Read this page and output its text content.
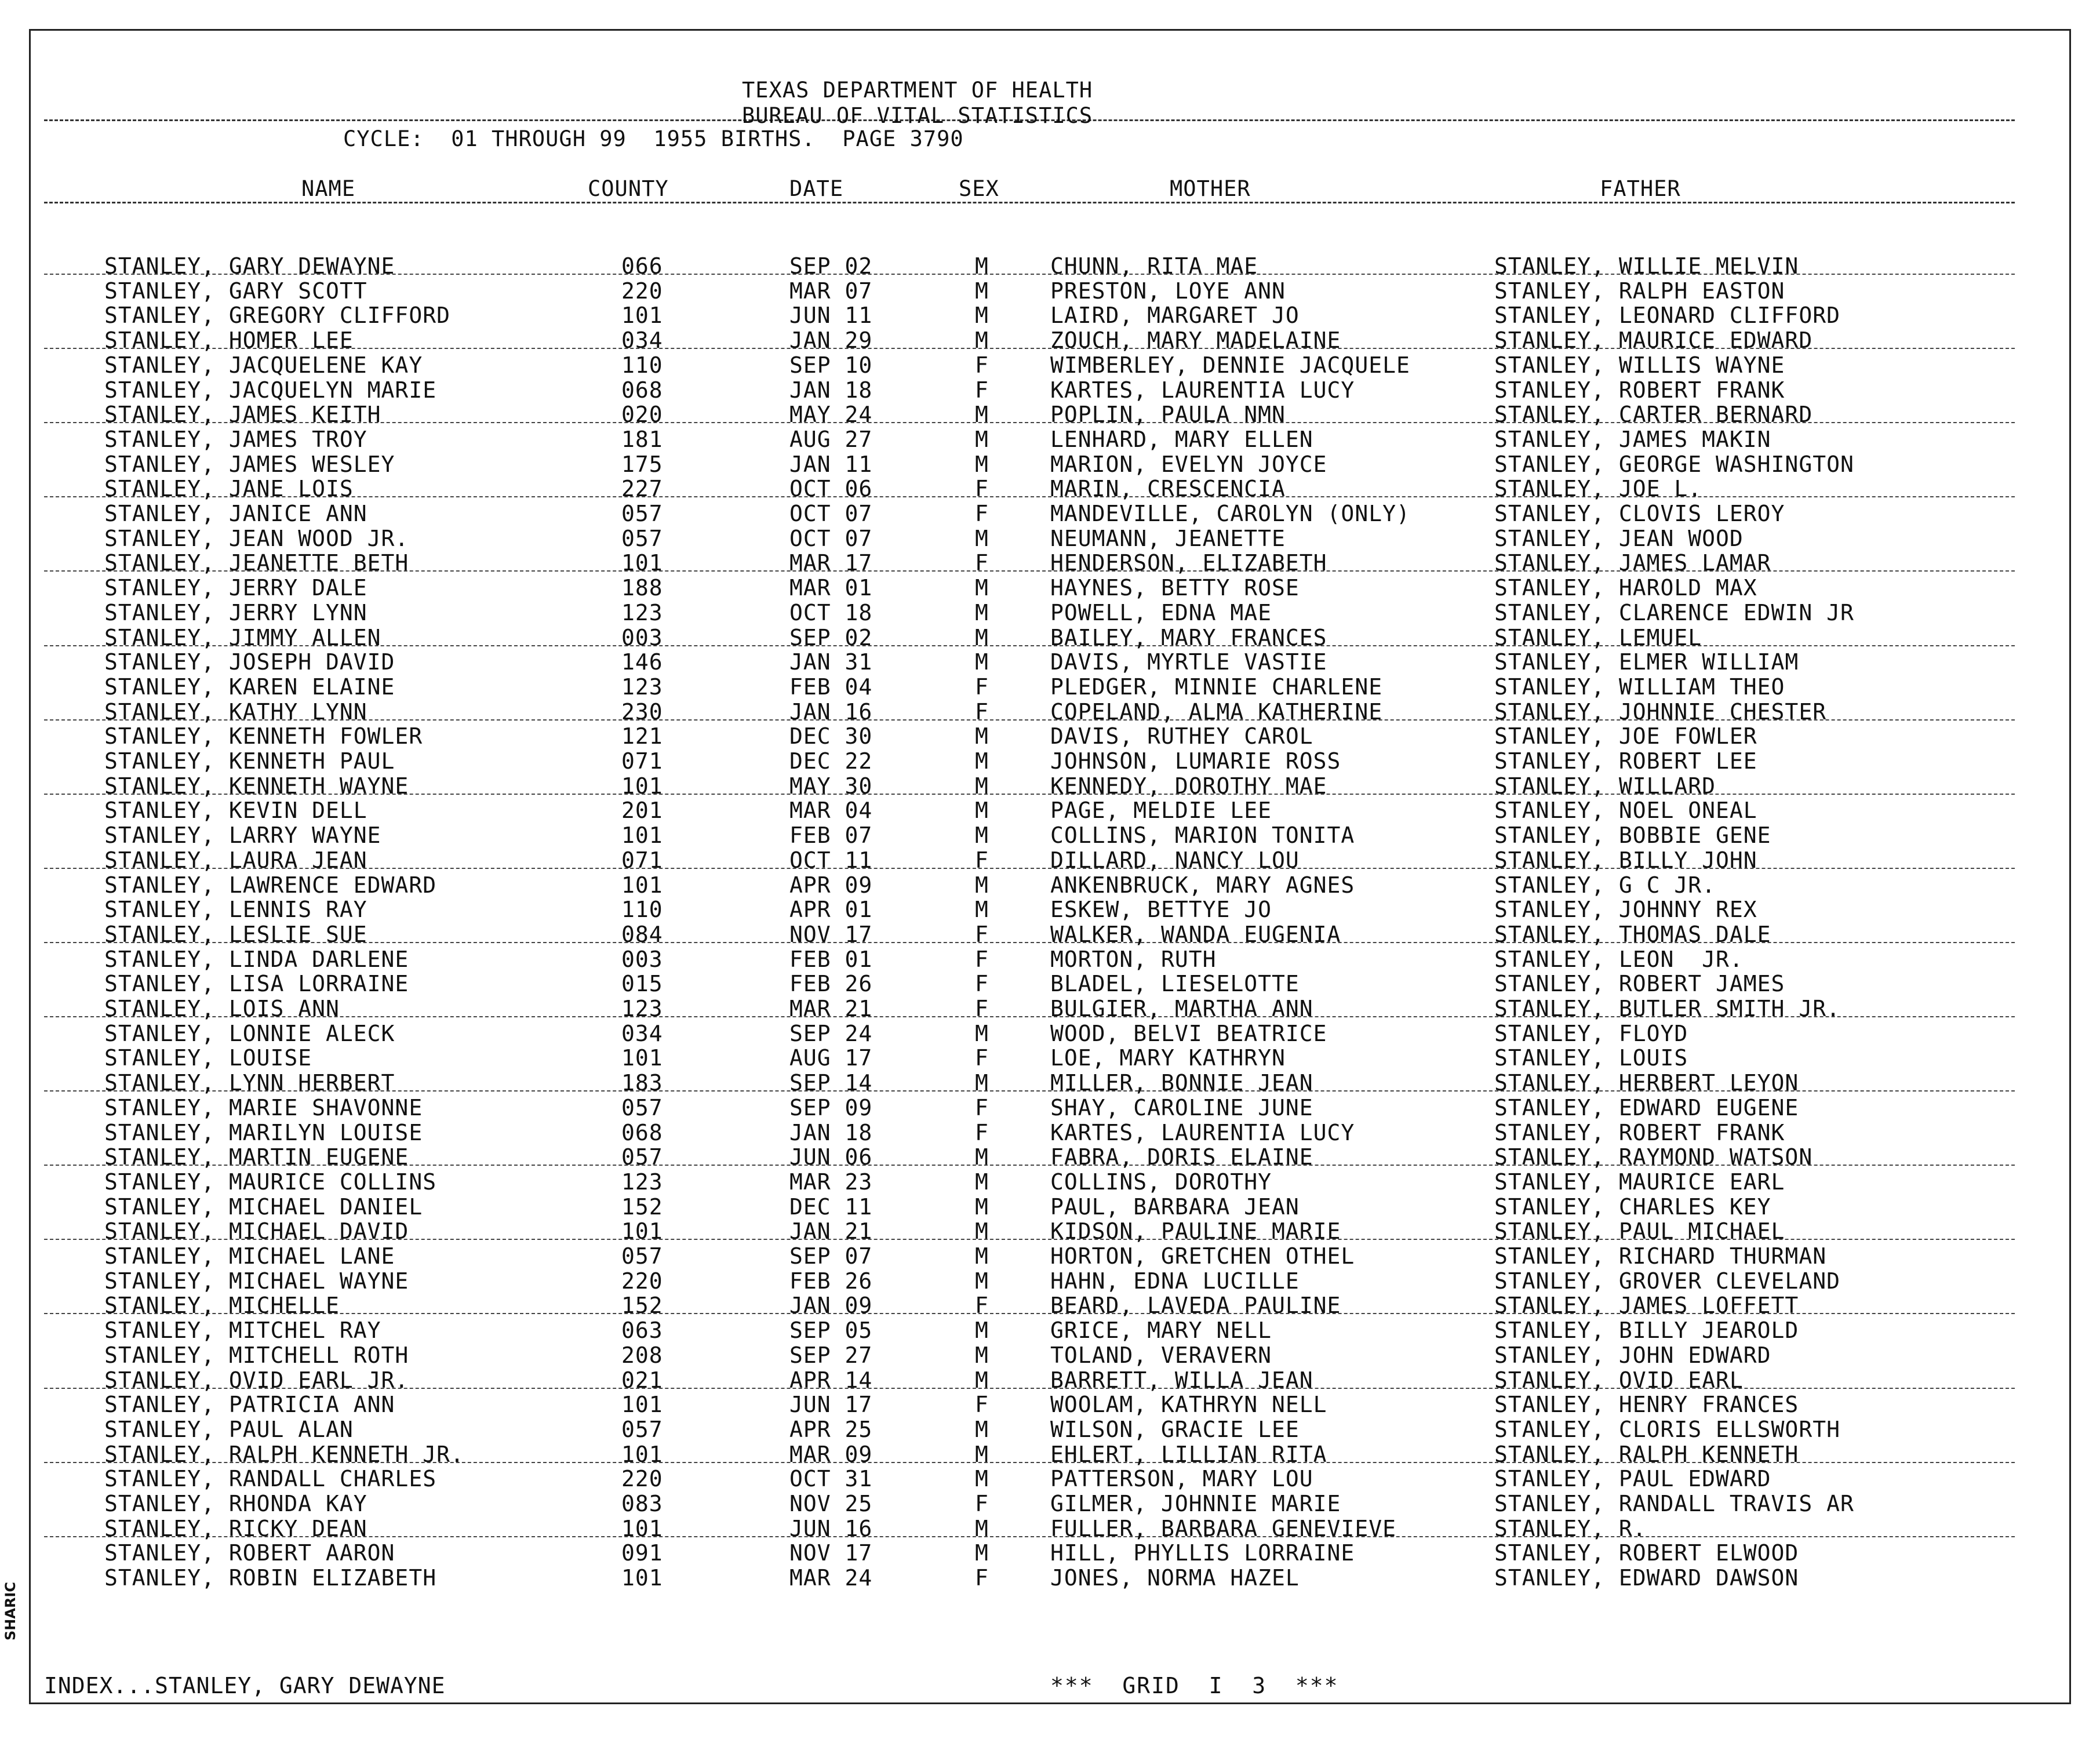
TEXAS DEPARTMENT OF HEALTH
BUREAU OF VITAL STATISTICS
CYCLE:  01 THROUGH 99  1955 BIRTHS.  PAGE 3790
NAME	COUNTY	DATE	SEX	MOTHER	FATHER
STANLEY, GARY DEWAYNE	066	SEP 02	M	CHUNN, RITA MAE	STANLEY, WILLIE MELVIN
STANLEY, GARY SCOTT	220	MAR 07	M	PRESTON, LOYE ANN	STANLEY, RALPH EASTON
STANLEY, GREGORY CLIFFORD	101	JUN 11	M	LAIRD, MARGARET JO	STANLEY, LEONARD CLIFFORD
STANLEY, HOMER LEE	034	JAN 29	M	ZOUCH, MARY MADELAINE	STANLEY, MAURICE EDWARD
STANLEY, JACQUELENE KAY	110	SEP 10	F	WIMBERLEY, DENNIE JACQUELE	STANLEY, WILLIS WAYNE
STANLEY, JACQUELYN MARIE	068	JAN 18	F	KARTES, LAURENTIA LUCY	STANLEY, ROBERT FRANK
STANLEY, JAMES KEITH	020	MAY 24	M	POPLIN, PAULA NMN	STANLEY, CARTER BERNARD
STANLEY, JAMES TROY	181	AUG 27	M	LENHARD, MARY ELLEN	STANLEY, JAMES MAKIN
STANLEY, JAMES WESLEY	175	JAN 11	M	MARION, EVELYN JOYCE	STANLEY, GEORGE WASHINGTON
STANLEY, JANE LOIS	227	OCT 06	F	MARIN, CRESCENCIA	STANLEY, JOE L.
STANLEY, JANICE ANN	057	OCT 07	F	MANDEVILLE, CAROLYN (ONLY)	STANLEY, CLOVIS LEROY
STANLEY, JEAN WOOD JR.	057	OCT 07	M	NEUMANN, JEANETTE	STANLEY, JEAN WOOD
STANLEY, JEANETTE BETH	101	MAR 17	F	HENDERSON, ELIZABETH	STANLEY, JAMES LAMAR
STANLEY, JERRY DALE	188	MAR 01	M	HAYNES, BETTY ROSE	STANLEY, HAROLD MAX
STANLEY, JERRY LYNN	123	OCT 18	M	POWELL, EDNA MAE	STANLEY, CLARENCE EDWIN JR
STANLEY, JIMMY ALLEN	003	SEP 02	M	BAILEY, MARY FRANCES	STANLEY, LEMUEL
STANLEY, JOSEPH DAVID	146	JAN 31	M	DAVIS, MYRTLE VASTIE	STANLEY, ELMER WILLIAM
STANLEY, KAREN ELAINE	123	FEB 04	F	PLEDGER, MINNIE CHARLENE	STANLEY, WILLIAM THEO
STANLEY, KATHY LYNN	230	JAN 16	F	COPELAND, ALMA KATHERINE	STANLEY, JOHNNIE CHESTER
STANLEY, KENNETH FOWLER	121	DEC 30	M	DAVIS, RUTHEY CAROL	STANLEY, JOE FOWLER
STANLEY, KENNETH PAUL	071	DEC 22	M	JOHNSON, LUMARIE ROSS	STANLEY, ROBERT LEE
STANLEY, KENNETH WAYNE	101	MAY 30	M	KENNEDY, DOROTHY MAE	STANLEY, WILLARD
STANLEY, KEVIN DELL	201	MAR 04	M	PAGE, MELDIE LEE	STANLEY, NOEL ONEAL
STANLEY, LARRY WAYNE	101	FEB 07	M	COLLINS, MARION TONITA	STANLEY, BOBBIE GENE
STANLEY, LAURA JEAN	071	OCT 11	F	DILLARD, NANCY LOU	STANLEY, BILLY JOHN
STANLEY, LAWRENCE EDWARD	101	APR 09	M	ANKENBRUCK, MARY AGNES	STANLEY, G C JR.
STANLEY, LENNIS RAY	110	APR 01	M	ESKEW, BETTYE JO	STANLEY, JOHNNY REX
STANLEY, LESLIE SUE	084	NOV 17	F	WALKER, WANDA EUGENIA	STANLEY, THOMAS DALE
STANLEY, LINDA DARLENE	003	FEB 01	F	MORTON, RUTH	STANLEY, LEON  JR.
STANLEY, LISA LORRAINE	015	FEB 26	F	BLADEL, LIESELOTTE	STANLEY, ROBERT JAMES
STANLEY, LOIS ANN	123	MAR 21	F	BULGIER, MARTHA ANN	STANLEY, BUTLER SMITH JR.
STANLEY, LONNIE ALECK	034	SEP 24	M	WOOD, BELVI BEATRICE	STANLEY, FLOYD
STANLEY, LOUISE	101	AUG 17	F	LOE, MARY KATHRYN	STANLEY, LOUIS
STANLEY, LYNN HERBERT	183	SEP 14	M	MILLER, BONNIE JEAN	STANLEY, HERBERT LEYON
STANLEY, MARIE SHAVONNE	057	SEP 09	F	SHAY, CAROLINE JUNE	STANLEY, EDWARD EUGENE
STANLEY, MARILYN LOUISE	068	JAN 18	F	KARTES, LAURENTIA LUCY	STANLEY, ROBERT FRANK
STANLEY, MARTIN EUGENE	057	JUN 06	M	FABRA, DORIS ELAINE	STANLEY, RAYMOND WATSON
STANLEY, MAURICE COLLINS	123	MAR 23	M	COLLINS, DOROTHY	STANLEY, MAURICE EARL
STANLEY, MICHAEL DANIEL	152	DEC 11	M	PAUL, BARBARA JEAN	STANLEY, CHARLES KEY
STANLEY, MICHAEL DAVID	101	JAN 21	M	KIDSON, PAULINE MARIE	STANLEY, PAUL MICHAEL
STANLEY, MICHAEL LANE	057	SEP 07	M	HORTON, GRETCHEN OTHEL	STANLEY, RICHARD THURMAN
STANLEY, MICHAEL WAYNE	220	FEB 26	M	HAHN, EDNA LUCILLE	STANLEY, GROVER CLEVELAND
STANLEY, MICHELLE	152	JAN 09	F	BEARD, LAVEDA PAULINE	STANLEY, JAMES LOFFETT
STANLEY, MITCHEL RAY	063	SEP 05	M	GRICE, MARY NELL	STANLEY, BILLY JEAROLD
STANLEY, MITCHELL ROTH	208	SEP 27	M	TOLAND, VERAVERN	STANLEY, JOHN EDWARD
STANLEY, OVID EARL JR.	021	APR 14	M	BARRETT, WILLA JEAN	STANLEY, OVID EARL
STANLEY, PATRICIA ANN	101	JUN 17	F	WOOLAM, KATHRYN NELL	STANLEY, HENRY FRANCES
STANLEY, PAUL ALAN	057	APR 25	M	WILSON, GRACIE LEE	STANLEY, CLORIS ELLSWORTH
STANLEY, RALPH KENNETH JR.	101	MAR 09	M	EHLERT, LILLIAN RITA	STANLEY, RALPH KENNETH
STANLEY, RANDALL CHARLES	220	OCT 31	M	PATTERSON, MARY LOU	STANLEY, PAUL EDWARD
STANLEY, RHONDA KAY	083	NOV 25	F	GILMER, JOHNNIE MARIE	STANLEY, RANDALL TRAVIS AR
STANLEY, RICKY DEAN	101	JUN 16	M	FULLER, BARBARA GENEVIEVE	STANLEY, R.
STANLEY, ROBERT AARON	091	NOV 17	M	HILL, PHYLLIS LORRAINE	STANLEY, ROBERT ELWOOD
STANLEY, ROBIN ELIZABETH	101	MAR 24	F	JONES, NORMA HAZEL	STANLEY, EDWARD DAWSON
INDEX...STANLEY, GARY DEWAYNE	***  GRID  I  3  ***
SHARIC
